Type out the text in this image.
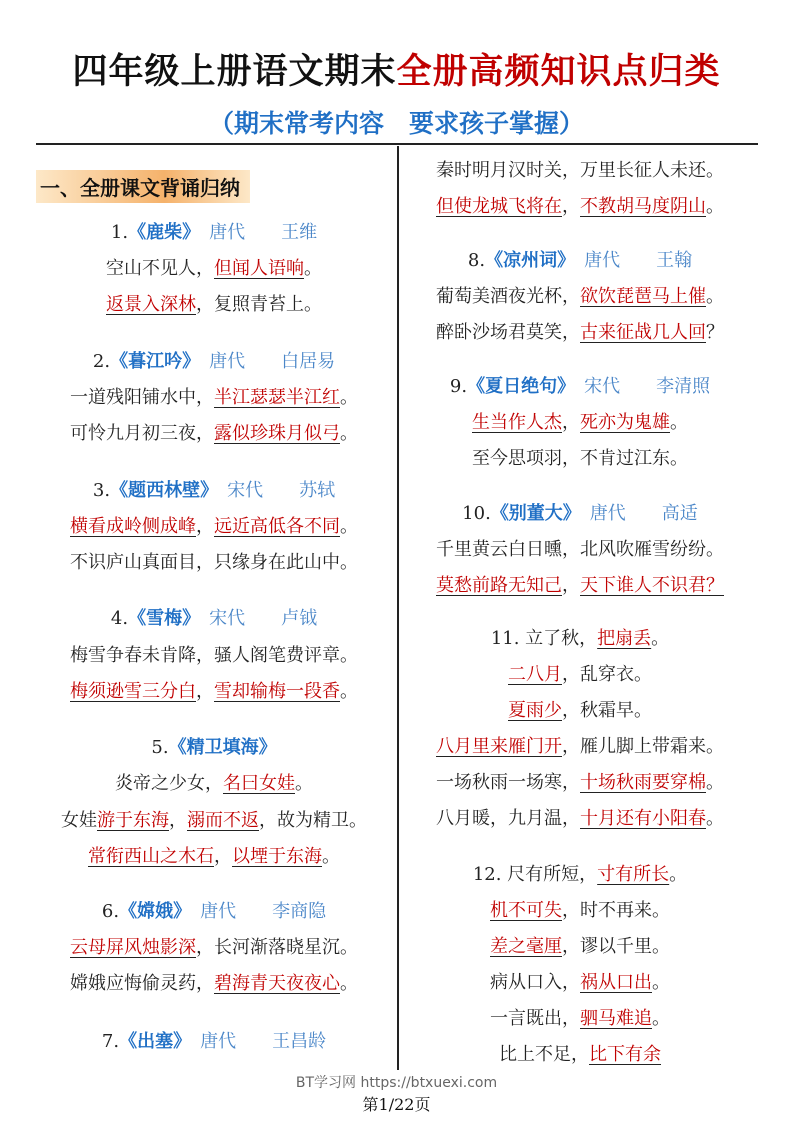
四年级上册语文期末全册高频知识点归类
（期末常考内容　要求孩子掌握）
一、全册课文背诵归纳
1.《鹿柴》　唐代　　王维
空山不见人，但闻人语响。
返景入深林，复照青苔上。
2.《暮江吟》　唐代　　白居易
一道残阳铺水中，半江瑟瑟半江红。
可怜九月初三夜，露似珍珠月似弓。
3.《题西林壁》　宋代　　苏轼
横看成岭侧成峰，远近高低各不同。
不识庐山真面目，只缘身在此山中。
4.《雪梅》　宋代　　卢钺
梅雪争春未肯降，骚人阁笔费评章。
梅须逊雪三分白，雪却输梅一段香。
5.《精卫填海》
炎帝之少女，名曰女娃。
女娃游于东海，溺而不返，故为精卫。
常衔西山之木石，以堙于东海。
6.《嫦娥》　唐代　　李商隐
云母屏风烛影深，长河渐落晓星沉。
嫦娥应悔偷灵药，碧海青天夜夜心。
7.《出塞》　唐代　　王昌龄
秦时明月汉时关，万里长征人未还。
但使龙城飞将在，不教胡马度阴山。
8.《凉州词》　唐代　　王翰
葡萄美酒夜光杯，欲饮琵琶马上催。
醉卧沙场君莫笑，古来征战几人回？
9.《夏日绝句》　宋代　　李清照
生当作人杰，死亦为鬼雄。
至今思项羽，不肯过江东。
10.《别董大》　唐代　　高适
千里黄云白日曛，北风吹雁雪纷纷。
莫愁前路无知己，天下谁人不识君？
11. 立了秋，把扇丢。
二八月，乱穿衣。
夏雨少，秋霜早。
八月里来雁门开，雁儿脚上带霜来。
一场秋雨一场寒，十场秋雨要穿棉。
八月暖，九月温，十月还有小阳春。
12. 尺有所短，寸有所长。
机不可失，时不再来。
差之毫厘，谬以千里。
病从口入，祸从口出。
一言既出，驷马难追。
比上不足，比下有余
BT学习网 https://btxuexi.com
第1/22页
